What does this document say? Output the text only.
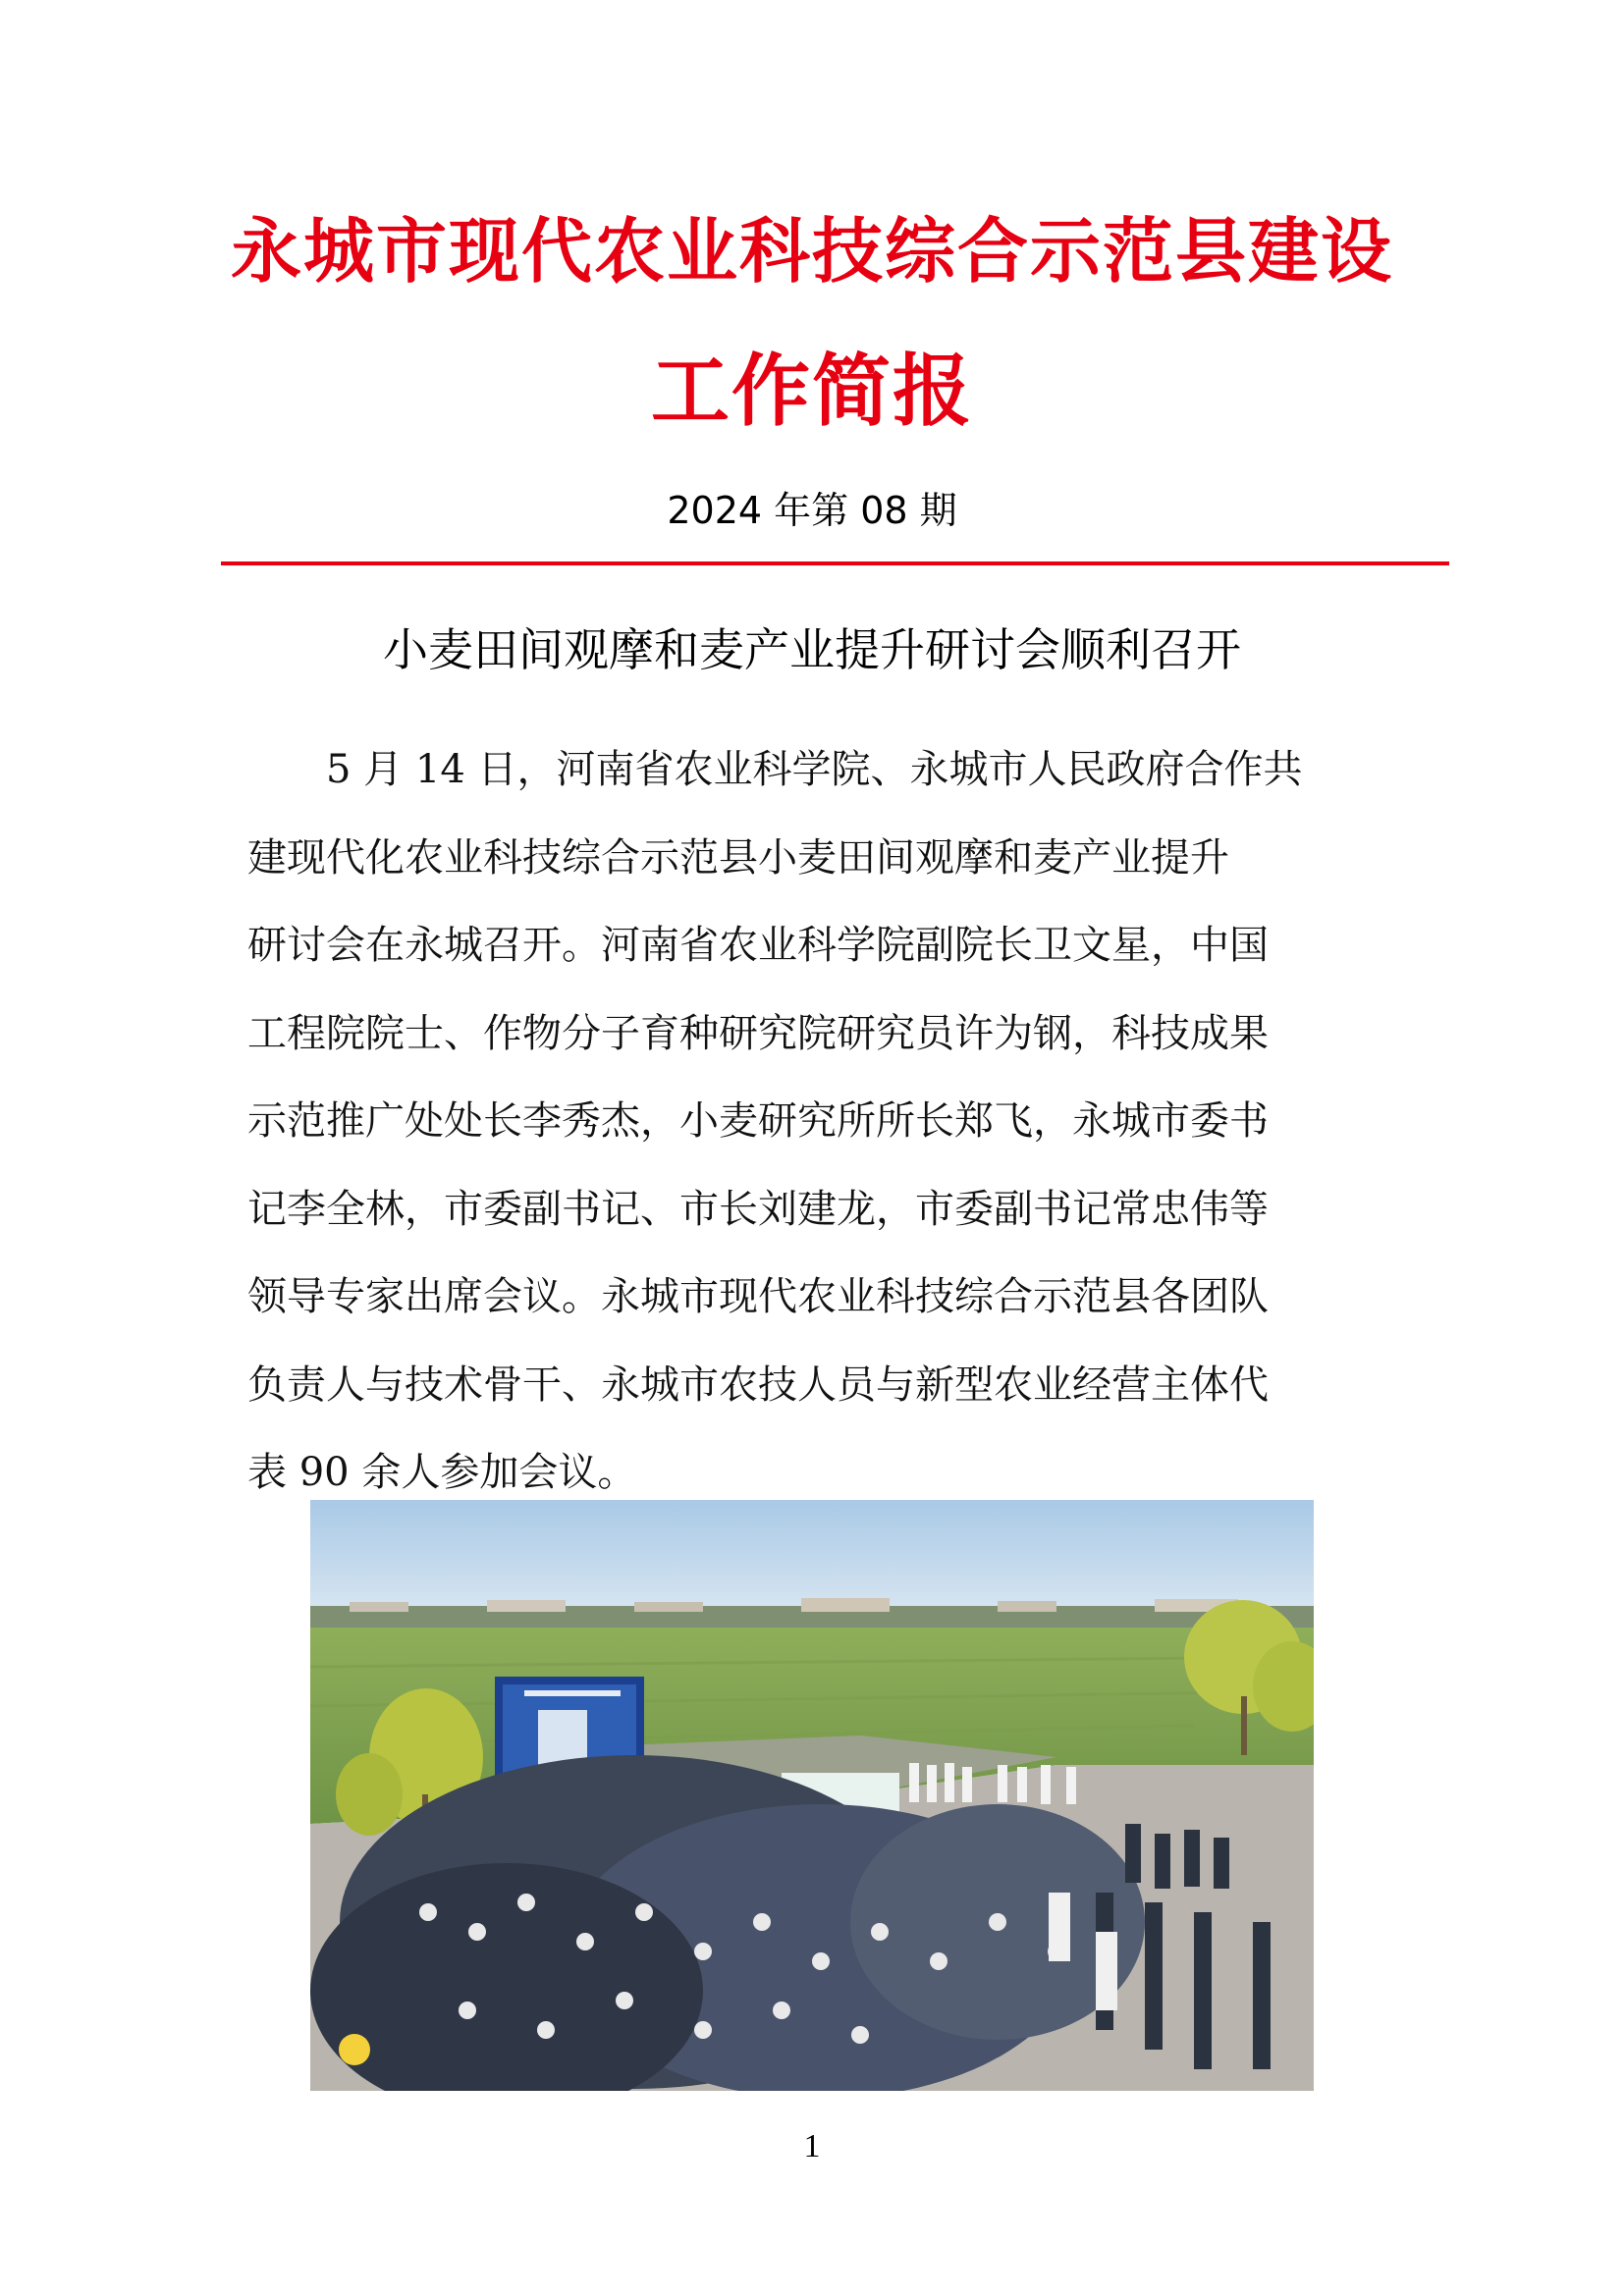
永城市现代农业科技综合示范县建设
工作简报
2024 年第 08 期
小麦田间观摩和麦产业提升研讨会顺利召开
　　5 月 14 日，河南省农业科学院、永城市人民政府合作共
建现代化农业科技综合示范县小麦田间观摩和麦产业提升
研讨会在永城召开。河南省农业科学院副院长卫文星，中国
工程院院士、作物分子育种研究院研究员许为钢，科技成果
示范推广处处长李秀杰，小麦研究所所长郑飞，永城市委书
记李全林，市委副书记、市长刘建龙，市委副书记常忠伟等
领导专家出席会议。永城市现代农业科技综合示范县各团队
负责人与技术骨干、永城市农技人员与新型农业经营主体代
表 90 余人参加会议。
1
